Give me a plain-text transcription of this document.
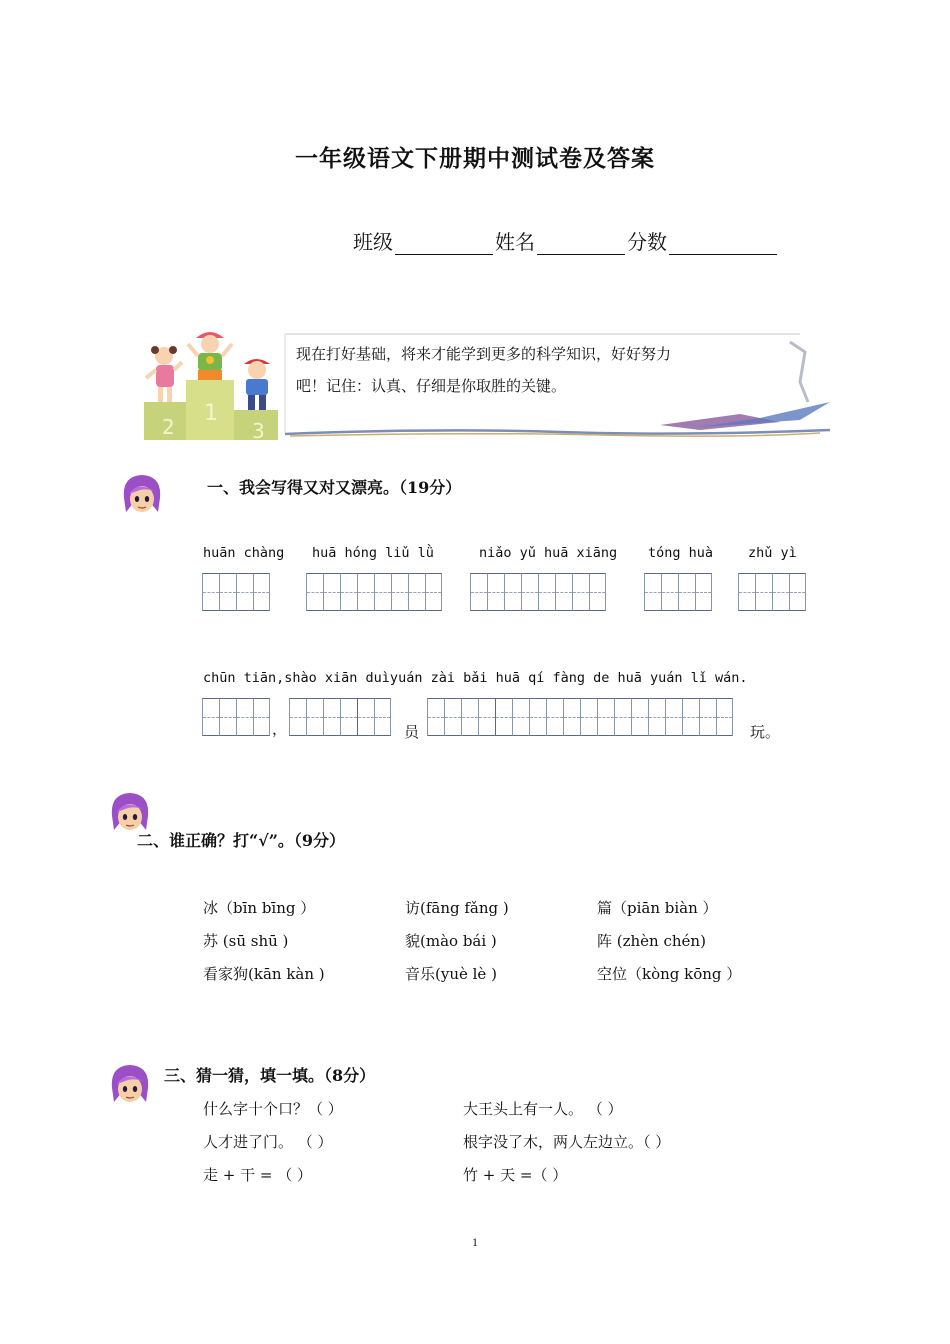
一年级语文下册期中测试卷及答案
班级	姓名	分数
2
1
3
现在打好基础，将来才能学到更多的科学知识，好好努力吧！记住：认真、仔细是你取胜的关键。
一、我会写得又对又漂亮。（19分）
huān chàng huā hóng liǔ lǜ	niǎo yǔ huā xiāng tóng huà	zhǔ yì
chūn tiān,shào xiān duìyuán zài bǎi huā qí fàng de huā yuán lǐ wán.
，	员	玩。
二、谁正确？打“√”。（9分）
冰（bīn bīng ）	访(fāng fǎng )	篇（piān biàn ）
苏 (sū shū )	貌(mào bái )	阵 (zhèn chén)
看家狗(kān kàn )	音乐(yuè lè )	空位（kòng kōng ）
三、猜一猜，填一填。（8分）
什么字十个口？（ ）	大王头上有一人。 （ ）
人才进了门。 （ ）	根字没了木，两人左边立。（ ）
走 + 干 = （ ）	竹 + 天 =（ ）
1
